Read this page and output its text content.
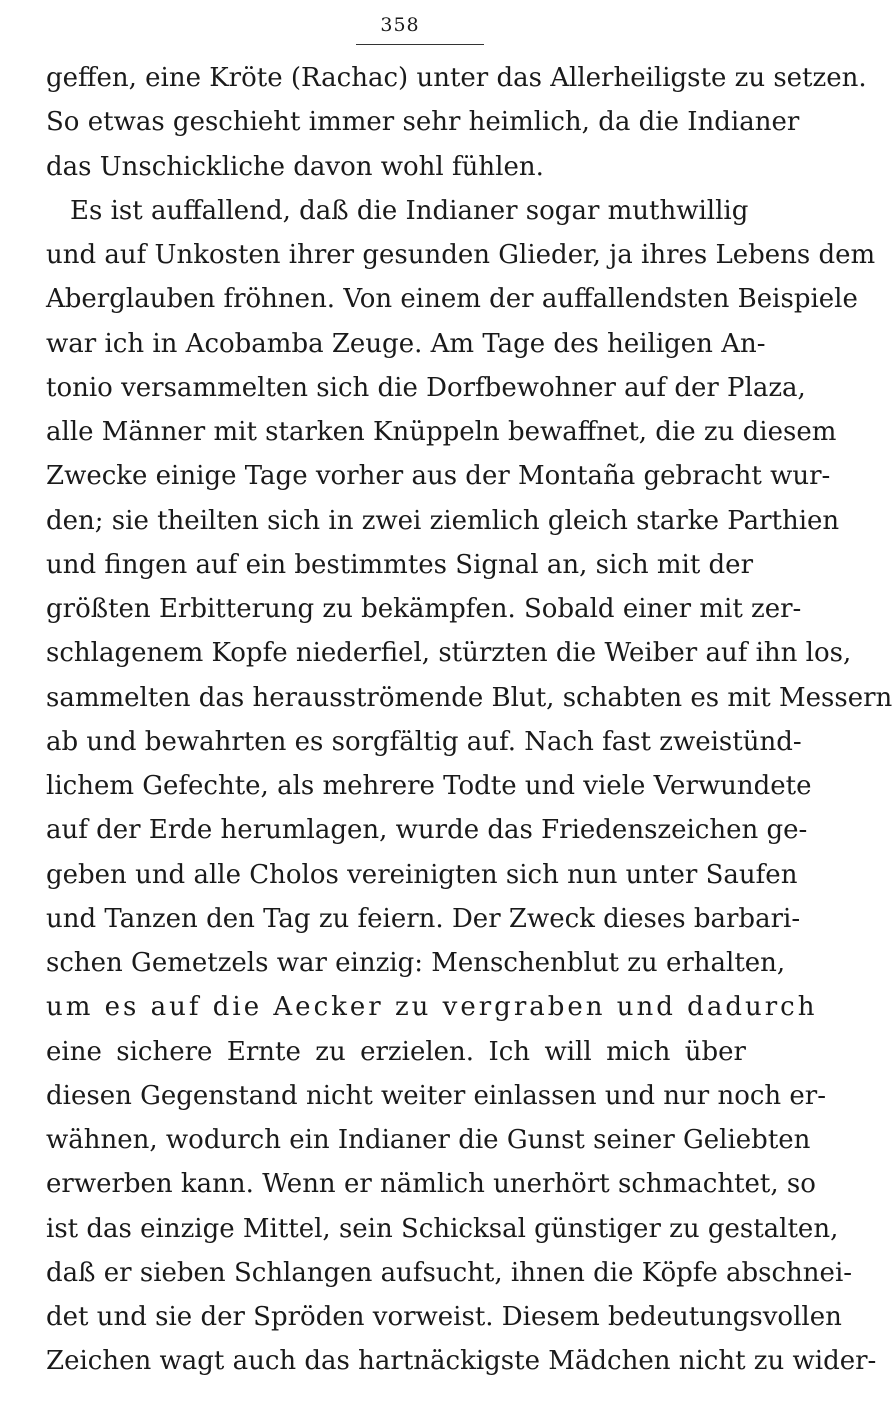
358
geffen, eine Kröte (Rachac) unter das Allerheiligste zu setzen.
So etwas geschieht immer sehr heimlich, da die Indianer
das Unschickliche davon wohl fühlen.
Es ist auffallend, daß die Indianer sogar muthwillig
und auf Unkosten ihrer gesunden Glieder, ja ihres Lebens dem
Aberglauben fröhnen. Von einem der auffallendsten Beispiele
war ich in Acobamba Zeuge. Am Tage des heiligen An-
tonio versammelten sich die Dorfbewohner auf der Plaza,
alle Männer mit starken Knüppeln bewaffnet, die zu diesem
Zwecke einige Tage vorher aus der Montaña gebracht wur-
den; sie theilten sich in zwei ziemlich gleich starke Parthien
und fingen auf ein bestimmtes Signal an, sich mit der
größten Erbitterung zu bekämpfen. Sobald einer mit zer-
schlagenem Kopfe niederfiel, stürzten die Weiber auf ihn los,
sammelten das herausströmende Blut, schabten es mit Messern
ab und bewahrten es sorgfältig auf. Nach fast zweistünd-
lichem Gefechte, als mehrere Todte und viele Verwundete
auf der Erde herumlagen, wurde das Friedenszeichen ge-
geben und alle Cholos vereinigten sich nun unter Saufen
und Tanzen den Tag zu feiern. Der Zweck dieses barbari-
schen Gemetzels war einzig: Menschenblut zu erhalten,
um es auf die Aecker zu vergraben und dadurch
eine sichere Ernte zu erzielen. Ich will mich über
diesen Gegenstand nicht weiter einlassen und nur noch er-
wähnen, wodurch ein Indianer die Gunst seiner Geliebten
erwerben kann. Wenn er nämlich unerhört schmachtet, so
ist das einzige Mittel, sein Schicksal günstiger zu gestalten,
daß er sieben Schlangen aufsucht, ihnen die Köpfe abschnei-
det und sie der Spröden vorweist. Diesem bedeutungsvollen
Zeichen wagt auch das hartnäckigste Mädchen nicht zu wider-
